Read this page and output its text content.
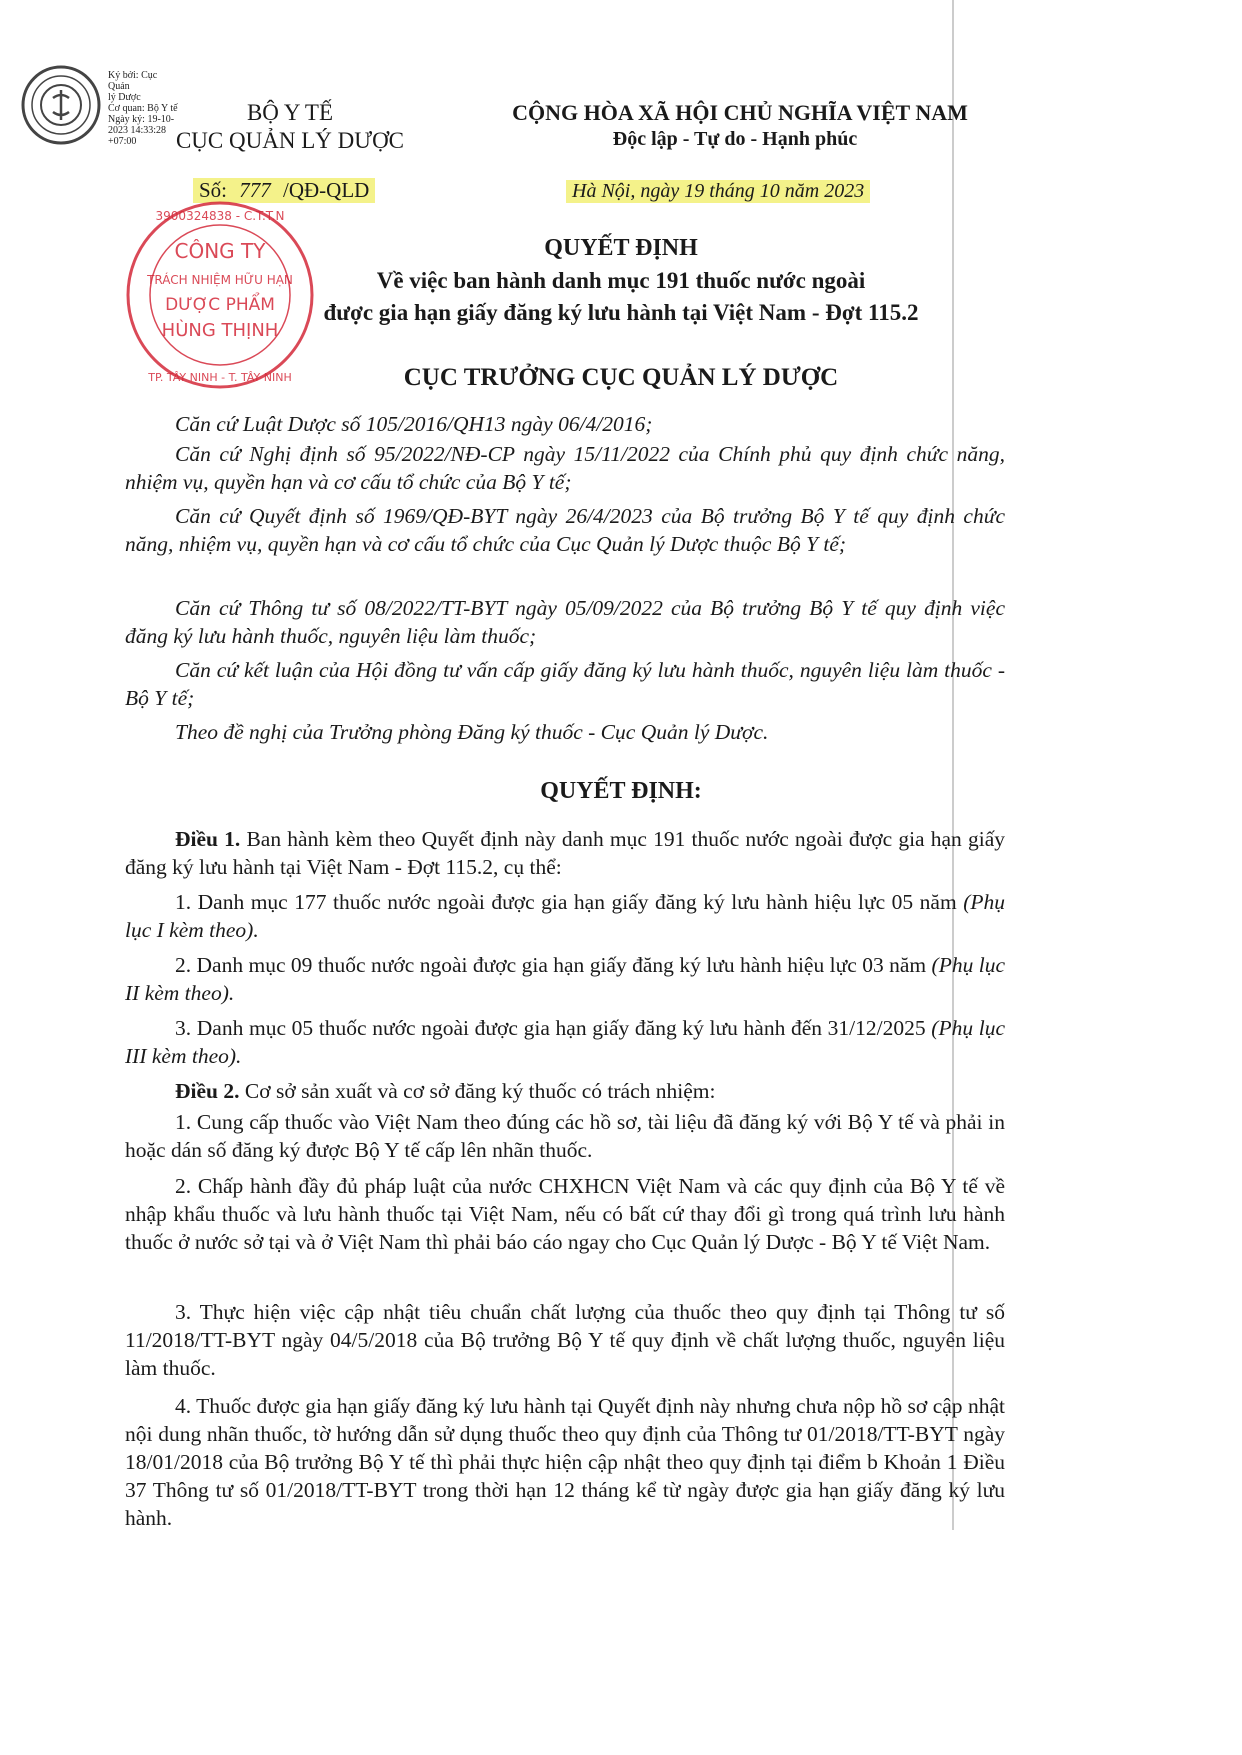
Ký bởi: Cục Quản
lý Dược
Cơ quan: Bộ Y tế
Ngày ký: 19-10-
2023 14:33:28
+07:00
BỘ Y TẾ
CỤC QUẢN LÝ DƯỢC
CỘNG HÒA XÃ HỘI CHỦ NGHĨA VIỆT NAM
Độc lập - Tự do - Hạnh phúc
Số: 777 /QĐ-QLD	Hà Nội, ngày 19 tháng 10 năm 2023
CÔNG TY
TRÁCH NHIỆM HỮU HẠN
DƯỢC PHẨM
HÙNG THỊNH
3900324838 - C.T.T.N
TP. TÂY NINH - T. TÂY NINH
QUYẾT ĐỊNH
Về việc ban hành danh mục 191 thuốc nước ngoài
được gia hạn giấy đăng ký lưu hành tại Việt Nam - Đợt 115.2
CỤC TRƯỞNG CỤC QUẢN LÝ DƯỢC
Căn cứ Luật Dược số 105/2016/QH13 ngày 06/4/2016;
Căn cứ Nghị định số 95/2022/NĐ-CP ngày 15/11/2022 của Chính phủ quy định chức năng, nhiệm vụ, quyền hạn và cơ cấu tổ chức của Bộ Y tế;
Căn cứ Quyết định số 1969/QĐ-BYT ngày 26/4/2023 của Bộ trưởng Bộ Y tế quy định chức năng, nhiệm vụ, quyền hạn và cơ cấu tổ chức của Cục Quản lý Dược thuộc Bộ Y tế;
Căn cứ Thông tư số 08/2022/TT-BYT ngày 05/09/2022 của Bộ trưởng Bộ Y tế quy định việc đăng ký lưu hành thuốc, nguyên liệu làm thuốc;
Căn cứ kết luận của Hội đồng tư vấn cấp giấy đăng ký lưu hành thuốc, nguyên liệu làm thuốc - Bộ Y tế;
Theo đề nghị của Trưởng phòng Đăng ký thuốc - Cục Quản lý Dược.
QUYẾT ĐỊNH:
Điều 1. Ban hành kèm theo Quyết định này danh mục 191 thuốc nước ngoài được gia hạn giấy đăng ký lưu hành tại Việt Nam - Đợt 115.2, cụ thể:
1. Danh mục 177 thuốc nước ngoài được gia hạn giấy đăng ký lưu hành hiệu lực 05 năm (Phụ lục I kèm theo).
2. Danh mục 09 thuốc nước ngoài được gia hạn giấy đăng ký lưu hành hiệu lực 03 năm (Phụ lục II kèm theo).
3. Danh mục 05 thuốc nước ngoài được gia hạn giấy đăng ký lưu hành đến 31/12/2025 (Phụ lục III kèm theo).
Điều 2. Cơ sở sản xuất và cơ sở đăng ký thuốc có trách nhiệm:
1. Cung cấp thuốc vào Việt Nam theo đúng các hồ sơ, tài liệu đã đăng ký với Bộ Y tế và phải in hoặc dán số đăng ký được Bộ Y tế cấp lên nhãn thuốc.
2. Chấp hành đầy đủ pháp luật của nước CHXHCN Việt Nam và các quy định của Bộ Y tế về nhập khẩu thuốc và lưu hành thuốc tại Việt Nam, nếu có bất cứ thay đổi gì trong quá trình lưu hành thuốc ở nước sở tại và ở Việt Nam thì phải báo cáo ngay cho Cục Quản lý Dược - Bộ Y tế Việt Nam.
3. Thực hiện việc cập nhật tiêu chuẩn chất lượng của thuốc theo quy định tại Thông tư số 11/2018/TT-BYT ngày 04/5/2018 của Bộ trưởng Bộ Y tế quy định về chất lượng thuốc, nguyên liệu làm thuốc.
4. Thuốc được gia hạn giấy đăng ký lưu hành tại Quyết định này nhưng chưa nộp hồ sơ cập nhật nội dung nhãn thuốc, tờ hướng dẫn sử dụng thuốc theo quy định của Thông tư 01/2018/TT-BYT ngày 18/01/2018 của Bộ trưởng Bộ Y tế thì phải thực hiện cập nhật theo quy định tại điểm b Khoản 1 Điều 37 Thông tư số 01/2018/TT-BYT trong thời hạn 12 tháng kể từ ngày được gia hạn giấy đăng ký lưu hành.
